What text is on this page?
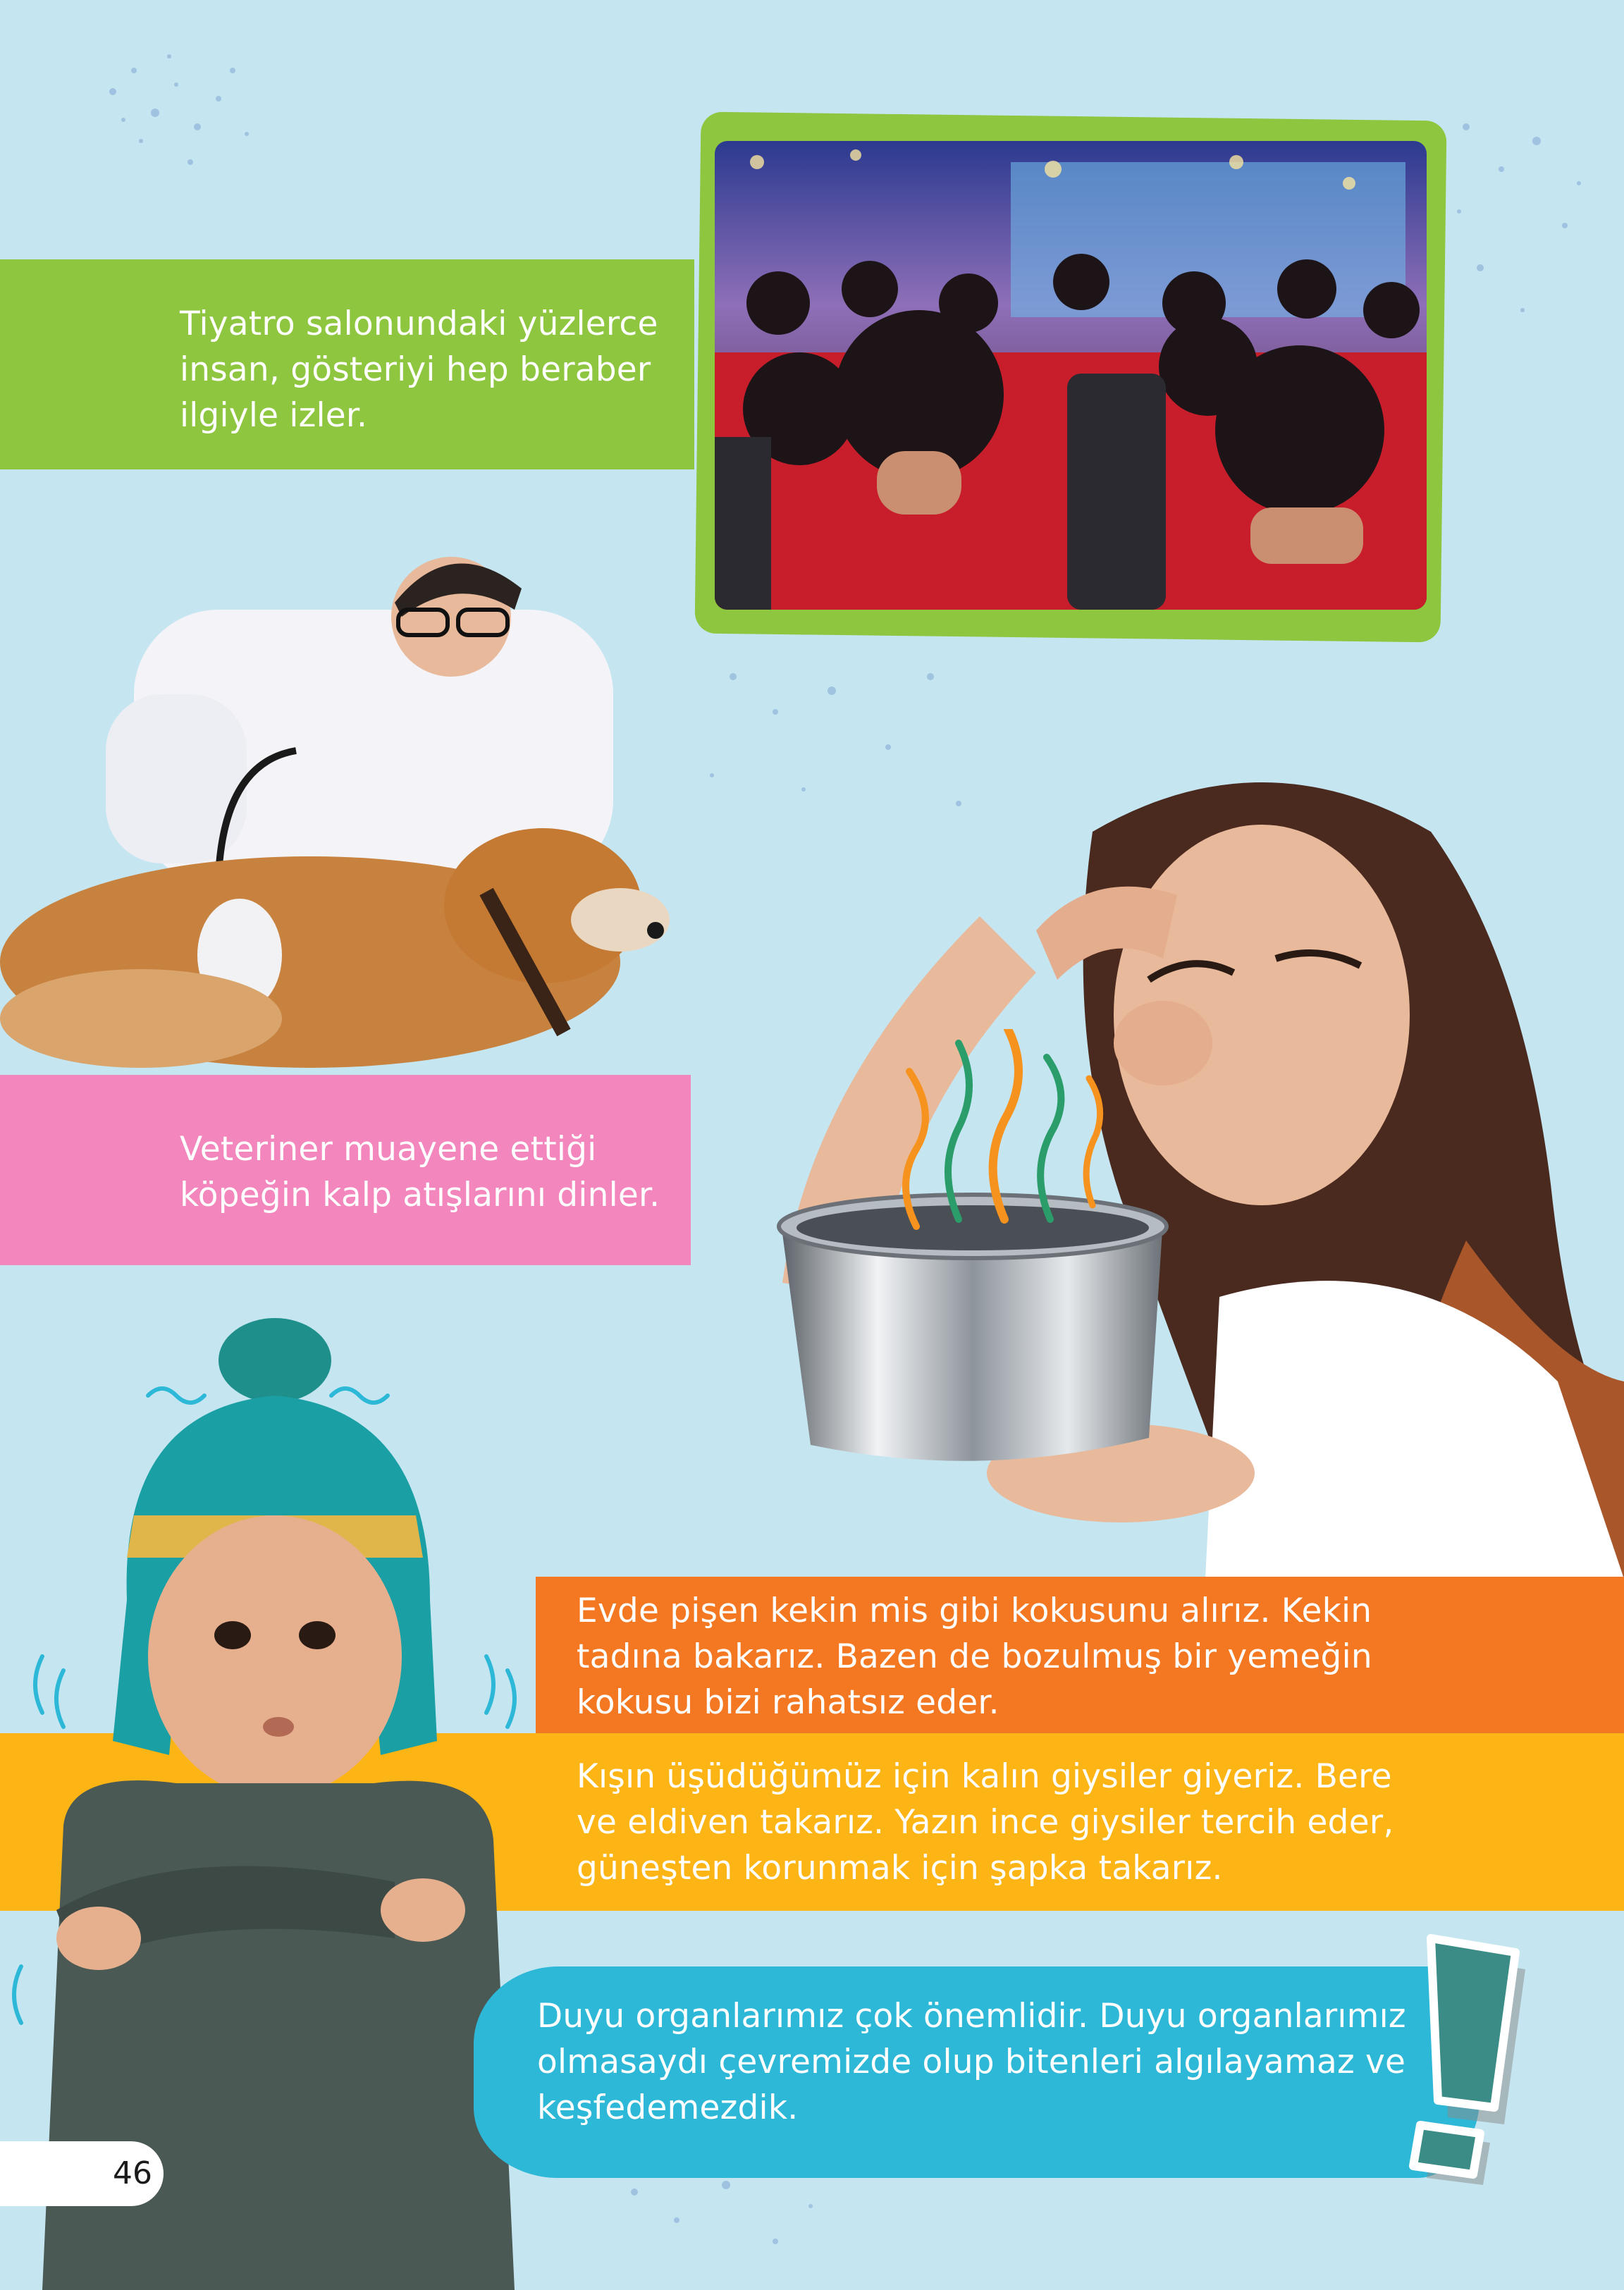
Tiyatro salonundaki yüzlerce

insan, gösteriyi hep beraber

ilgiyle izler.

Veteriner muayene ettiği

köpeğin kalp atışlarını dinler.

Evde pişen kekin mis gibi kokusunu alırız. Kekin

tadına bakarız. Bazen de bozulmuş bir yemeğin

kokusu bizi rahatsız eder.

Kışın üşüdüğümüz için kalın giysiler giyeriz. Bere

ve eldiven takarız. Yazın ince giysiler tercih eder,

güneşten korunmak için şapka takarız.

Duyu organlarımız çok önemlidir. Duyu organlarımız

olmasaydı çevremizde olup bitenleri algılayamaz ve

keşfedemezdik.

46
